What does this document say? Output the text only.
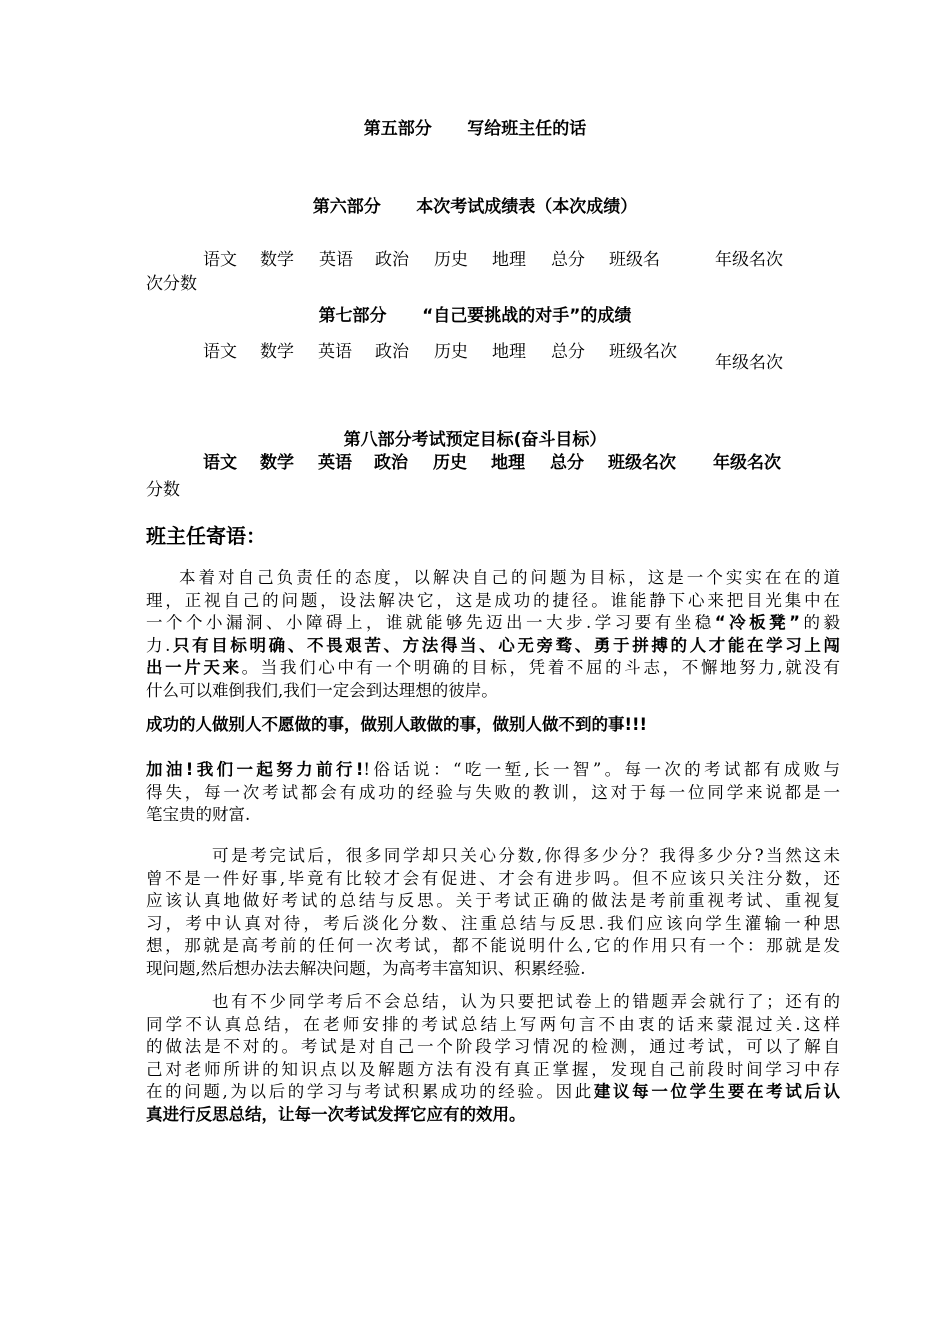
第五部分      写给班主任的话
第六部分      本次考试成绩表（本次成绩）
语文 数学 英语 政治 历史 地理 总分 班级名	年级名次
次分数
第七部分      “自己要挑战的对手”的成绩
语文 数学 英语 政治 历史 地理 总分 班级名次
年级名次
第八部分考试预定目标(奋斗目标）
语文 数学 英语 政治 历史 地理 总分 班级名次 年级名次
分数
班主任寄语：
本着对自己负责任的态度，以解决自己的问题为目标，这是一个实实在在的道
理，正视自己的问题，设法解决它，这是成功的捷径。谁能静下心来把目光集中在
一个个小漏洞、小障碍上，谁就能够先迈出一大步.学习要有坐稳“冷板凳”的毅
力.只有目标明确、不畏艰苦、方法得当、心无旁骛、勇于拼搏的人才能在学习上闯
出一片天来。当我们心中有一个明确的目标，凭着不屈的斗志，不懈地努力,就没有
什么可以难倒我们,我们一定会到达理想的彼岸。
成功的人做别人不愿做的事，做别人敢做的事，做别人做不到的事!!!
加油!我们一起努力前行!!俗话说：“吃一堑,长一智”。每一次的考试都有成败与
得失，每一次考试都会有成功的经验与失败的教训，这对于每一位同学来说都是一
笔宝贵的财富.
可是考完试后，很多同学却只关心分数,你得多少分？我得多少分?当然这未
曾不是一件好事,毕竟有比较才会有促进、才会有进步吗。但不应该只关注分数，还
应该认真地做好考试的总结与反思。关于考试正确的做法是考前重视考试、重视复
习，考中认真对待，考后淡化分数、注重总结与反思.我们应该向学生灌输一种思
想，那就是高考前的任何一次考试，都不能说明什么,它的作用只有一个：那就是发
现问题,然后想办法去解决问题，为高考丰富知识、积累经验.
也有不少同学考后不会总结，认为只要把试卷上的错题弄会就行了；还有的
同学不认真总结，在老师安排的考试总结上写两句言不由衷的话来蒙混过关.这样
的做法是不对的。考试是对自己一个阶段学习情况的检测，通过考试，可以了解自
己对老师所讲的知识点以及解题方法有没有真正掌握，发现自己前段时间学习中存
在的问题,为以后的学习与考试积累成功的经验。因此建议每一位学生要在考试后认
真进行反思总结，让每一次考试发挥它应有的效用。
